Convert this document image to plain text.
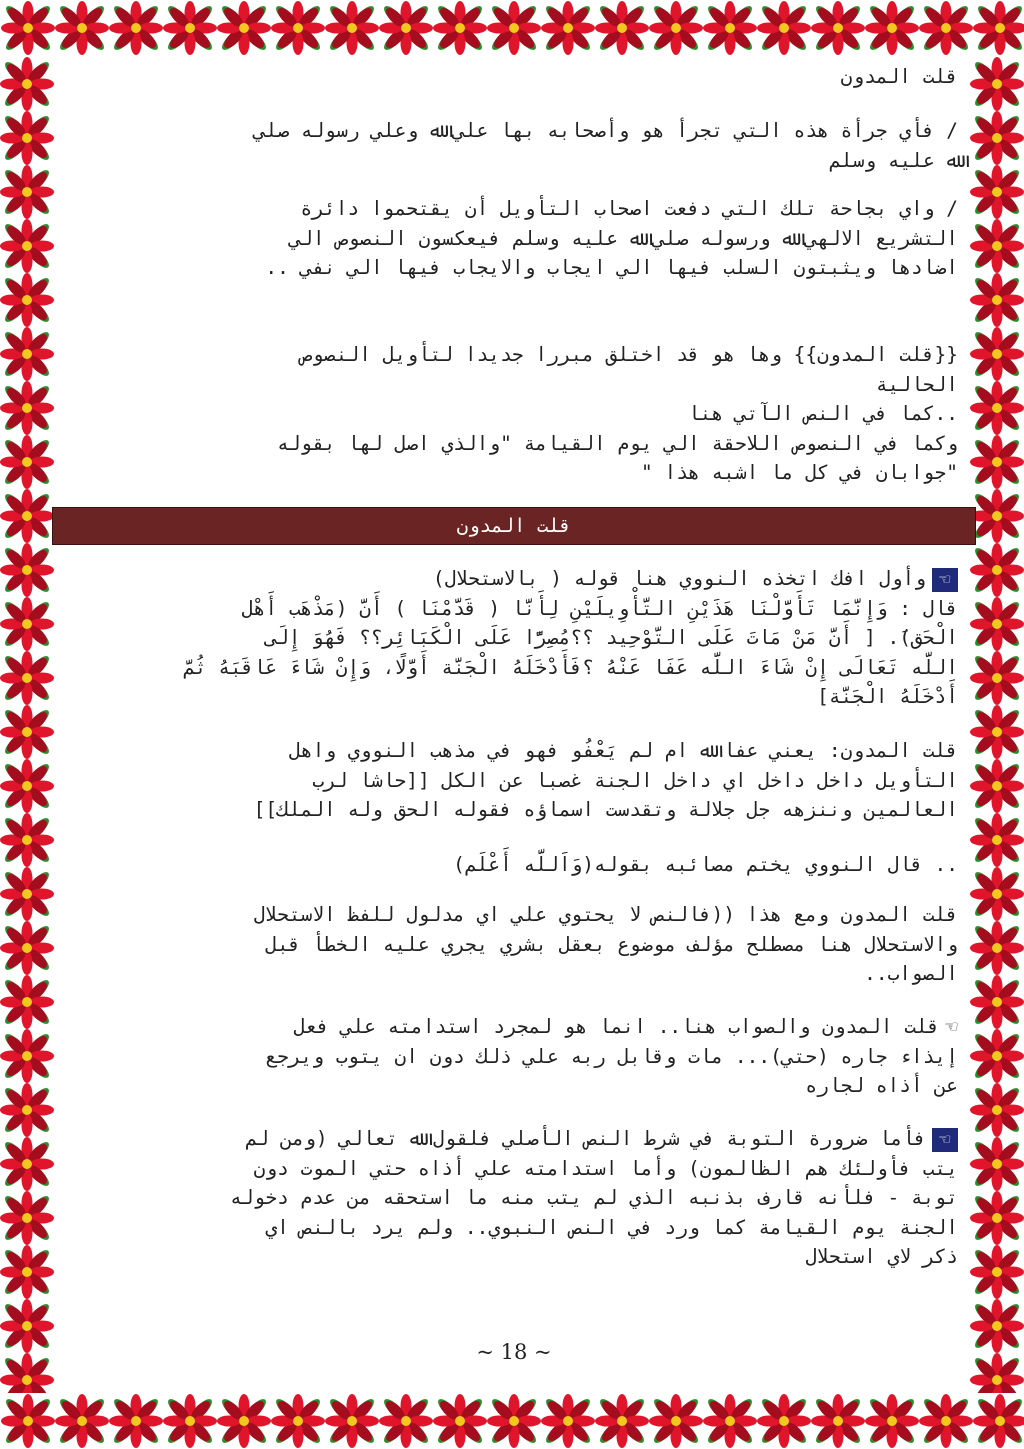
قلت المدون
/ فأي جرأة هذه التي تجرأ هو وأصحابه بها علي ﷲ وعلي رسوله صلي
ﷲ عليه وسلم
/ واي بجاحة تلك التي دفعت اصحاب التأويل أن يقتحموا دائرة
التشريع الالهي ﷲ ورسوله صلي ﷲ عليه وسلم فيعكسون النصوص الي
اضادها ويثبتون السلب فيها الي ايجاب والايجاب فيها الي نفي ..
{{قلت المدون}} وها هو قد اختلق مبررا جديدا لتأويل النصوص
الحالية
..كما في النص الآتي هنا
وكما في النصوص اللاحقة الي يوم القيامة "والذي اصل لها بقوله
"جوابان في كل ما اشبه هذا "
قلت المدون
☜وأول افك اتخذه النووي هنا قوله ( بالاستحلال)
قال : وَإِنَّمَا تَأَوَّلْنَا هَذَيْنِ التَّأْوِيلَيْنِ لِأَنَّا ( قَدَّمْنَا ) أَنَّ (مَذْهَب أَهْل
الْحَق)َ. [ أَنَّ مَنْ مَاتَ عَلَى التَّوْحِيد ؟؟مُصِرًّا عَلَى الْكَبَائِر؟؟ فَهُوَ إِلَى
اللَّه تَعَالَى إِنْ شَاءَ اللَّه عَفَا عَنْهُ ؟فَأَدْخَلَهُ الْجَنَّة أَوَّلًا، وَإِنْ شَاءَ عَاقَبَهُ ثُمَّ
أَدْخَلَهُ الْجَنَّة]
قلت المدون: يعني عفا ﷲ ام لم يَعْفُو فهو في مذهب النووي واهل
التأويل داخل داخل اي داخل الجنة غصبا عن الكل [[حاشا لرب
العالمين وننزهه جل جلالة وتقدست اسماؤه فقوله الحق وله الملك]]
.. قال النووي يختم مصائبه بقوله(وَاَللَّه أَعْلَم)
قلت المدون ومع هذا ((فالنص لا يحتوي علي اي مدلول للفظ الاستحلال
والاستحلال هنا مصطلح مؤلف موضوع بعقل بشري يجري عليه الخطأ قبل
الصواب..
☜قلت المدون والصواب هنا.. انما هو لمجرد استدامته علي فعل
إيذاء جاره (حتي)... مات وقابل ربه علي ذلك دون ان يتوب ويرجع
عن أذاه لجاره
☜فأما ضرورة التوبة في شرط النص الأصلي فلقول ﷲ تعالي (ومن لم
يتب فأولئك هم الظالمون) وأما استدامته علي أذاه حتي الموت دون
توبة - فلأنه قارف بذنبه الذي لم يتب منه ما استحقه من عدم دخوله
الجنة يوم القيامة كما ورد في النص النبوي.. ولم يرد بالنص اي
ذكر لاي استحلال
~ 18 ~
